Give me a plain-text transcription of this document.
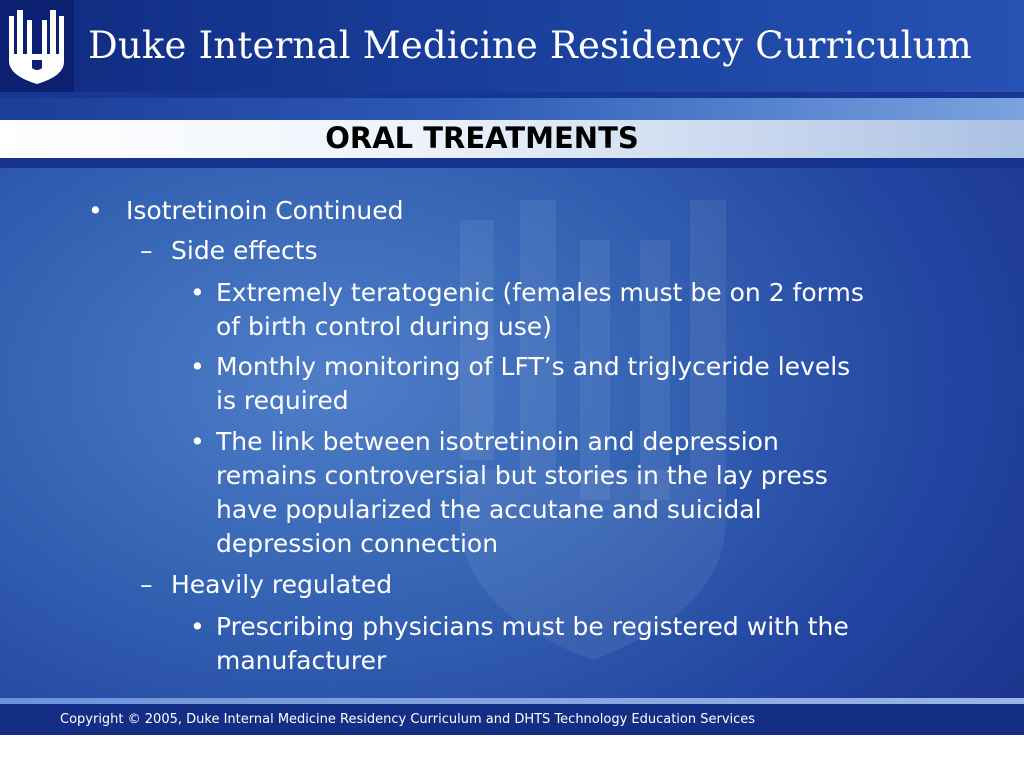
Duke Internal Medicine Residency Curriculum
ORAL TREATMENTS
• Isotretinoin Continued
– Side effects
• Extremely teratogenic (females must be on 2 forms
of birth control during use)
• Monthly monitoring of LFT’s and triglyceride levels
is required
• The link between isotretinoin and depression
remains controversial but stories in the lay press
have popularized the accutane and suicidal
depression connection
– Heavily regulated
• Prescribing physicians must be registered with the
manufacturer
Copyright © 2005, Duke Internal Medicine Residency Curriculum and DHTS Technology Education Services
